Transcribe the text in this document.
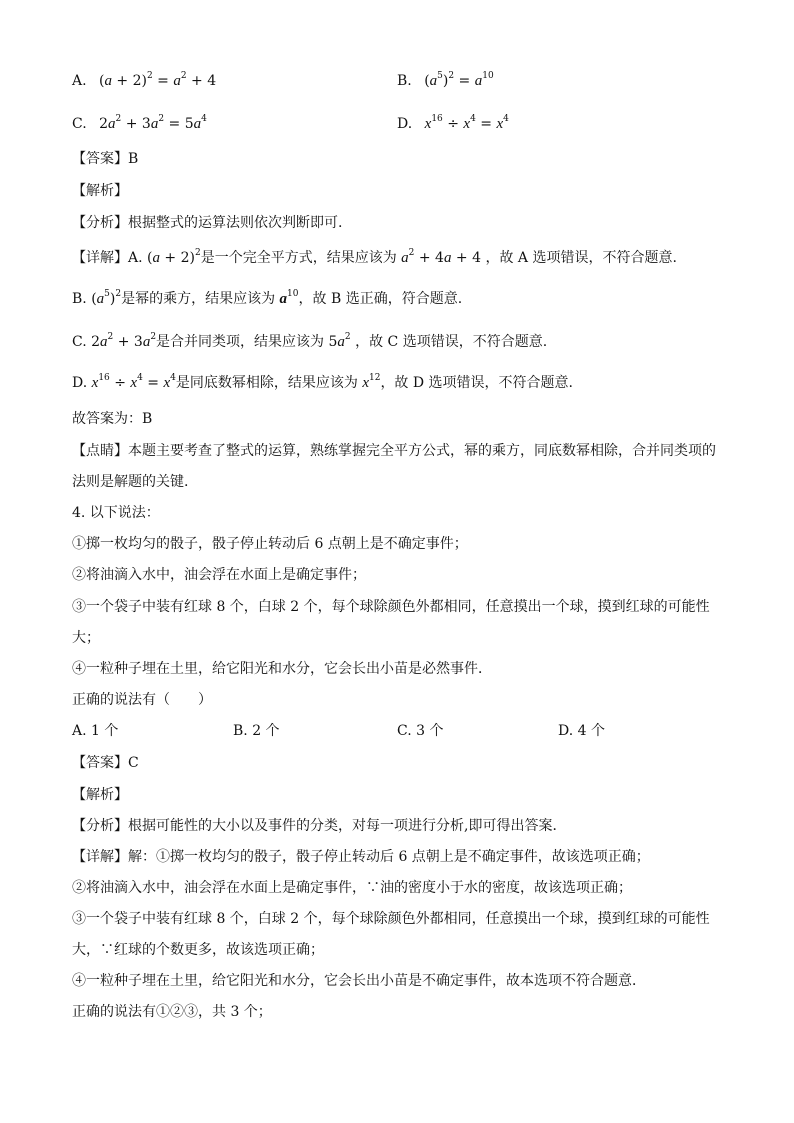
A. $(a + 2)^2 = a^2 + 4$	B. $(a^5)^2 = a^{10}$
C. $2a^2 + 3a^2 = 5a^4$	D. $x^{16} \div x^4 = x^4$
【答案】B
【解析】
【分析】根据整式的运算法则依次判断即可.
【详解】A. $(a + 2)^2$是一个完全平方式，结果应该为 $a^2 + 4a + 4$ ，故 A 选项错误，不符合题意.
B. $(a^5)^2$是幂的乘方，结果应该为 $a^{10}$，故 B 选正确，符合题意.
C. $2a^2 + 3a^2$是合并同类项，结果应该为 $5a^2$ ，故 C 选项错误，不符合题意.
D. $x^{16} \div x^4 = x^4$是同底数幂相除，结果应该为 $x^{12}$，故 D 选项错误，不符合题意.
故答案为：B
【点睛】本题主要考查了整式的运算，熟练掌握完全平方公式，幂的乘方，同底数幂相除，合并同类项的
法则是解题的关键.
4. 以下说法：
①掷一枚均匀的骰子，骰子停止转动后 6 点朝上是不确定事件；
②将油滴入水中，油会浮在水面上是确定事件；
③一个袋子中装有红球 8 个，白球 2 个，每个球除颜色外都相同，任意摸出一个球，摸到红球的可能性
大；
④一粒种子埋在土里，给它阳光和水分，它会长出小苗是必然事件．
正确的说法有（　　）
A. 1 个	B. 2 个	C. 3 个	D. 4 个
【答案】C
【解析】
【分析】根据可能性的大小以及事件的分类，对每一项进行分析,即可得出答案．
【详解】解：①掷一枚均匀的骰子，骰子停止转动后 6 点朝上是不确定事件，故该选项正确；
②将油滴入水中，油会浮在水面上是确定事件，∵油的密度小于水的密度，故该选项正确；
③一个袋子中装有红球 8 个，白球 2 个，每个球除颜色外都相同，任意摸出一个球，摸到红球的可能性
大，∵红球的个数更多，故该选项正确；
④一粒种子埋在土里，给它阳光和水分，它会长出小苗是不确定事件，故本选项不符合题意．
正确的说法有①②③，共 3 个；
